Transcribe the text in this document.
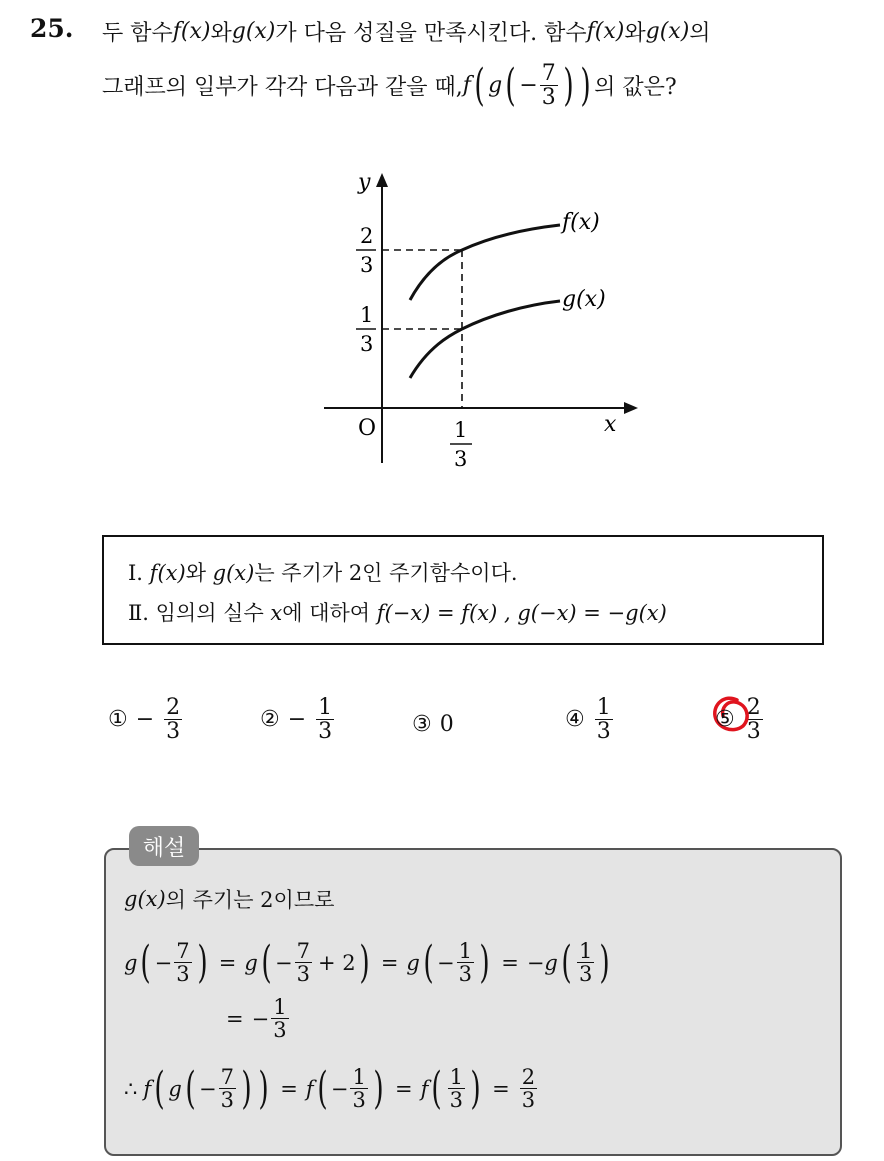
25. 두 함수 f(x) 와 g(x) 가 다음 성질을 만족시킨다. 함수 f(x) 와 g(x) 의
그래프의 일부가 각각 다음과 같을 때, f ( g ( − $\frac{7}{3}$ ) ) 의 값은?
y
x
O
2
3
1
3
1
3
f(x)
g(x)
Ⅰ. f(x)와 g(x)는 주기가 2인 주기함수이다.
Ⅱ. 임의의 실수 x에 대하여 f(−x) = f(x) , g(−x) = −g(x)
① − $\frac{2}{3}$	② − $\frac{1}{3}$	③ 0	④ $\frac{1}{3}$	⑤ $\frac{2}{3}$
해설
g(x) 의 주기는 2이므로
g ( − $\frac{7}{3}$ ) = g ( − $\frac{7}{3} + 2$ ) = g ( − $\frac{1}{3}$ ) = − g ( $\frac{1}{3}$ )
= − $\frac{1}{3}$
∴ f ( g ( − $\frac{7}{3}$ ) ) = f ( − $\frac{1}{3}$ ) = f ( $\frac{1}{3}$ ) = $\frac{2}{3}$
